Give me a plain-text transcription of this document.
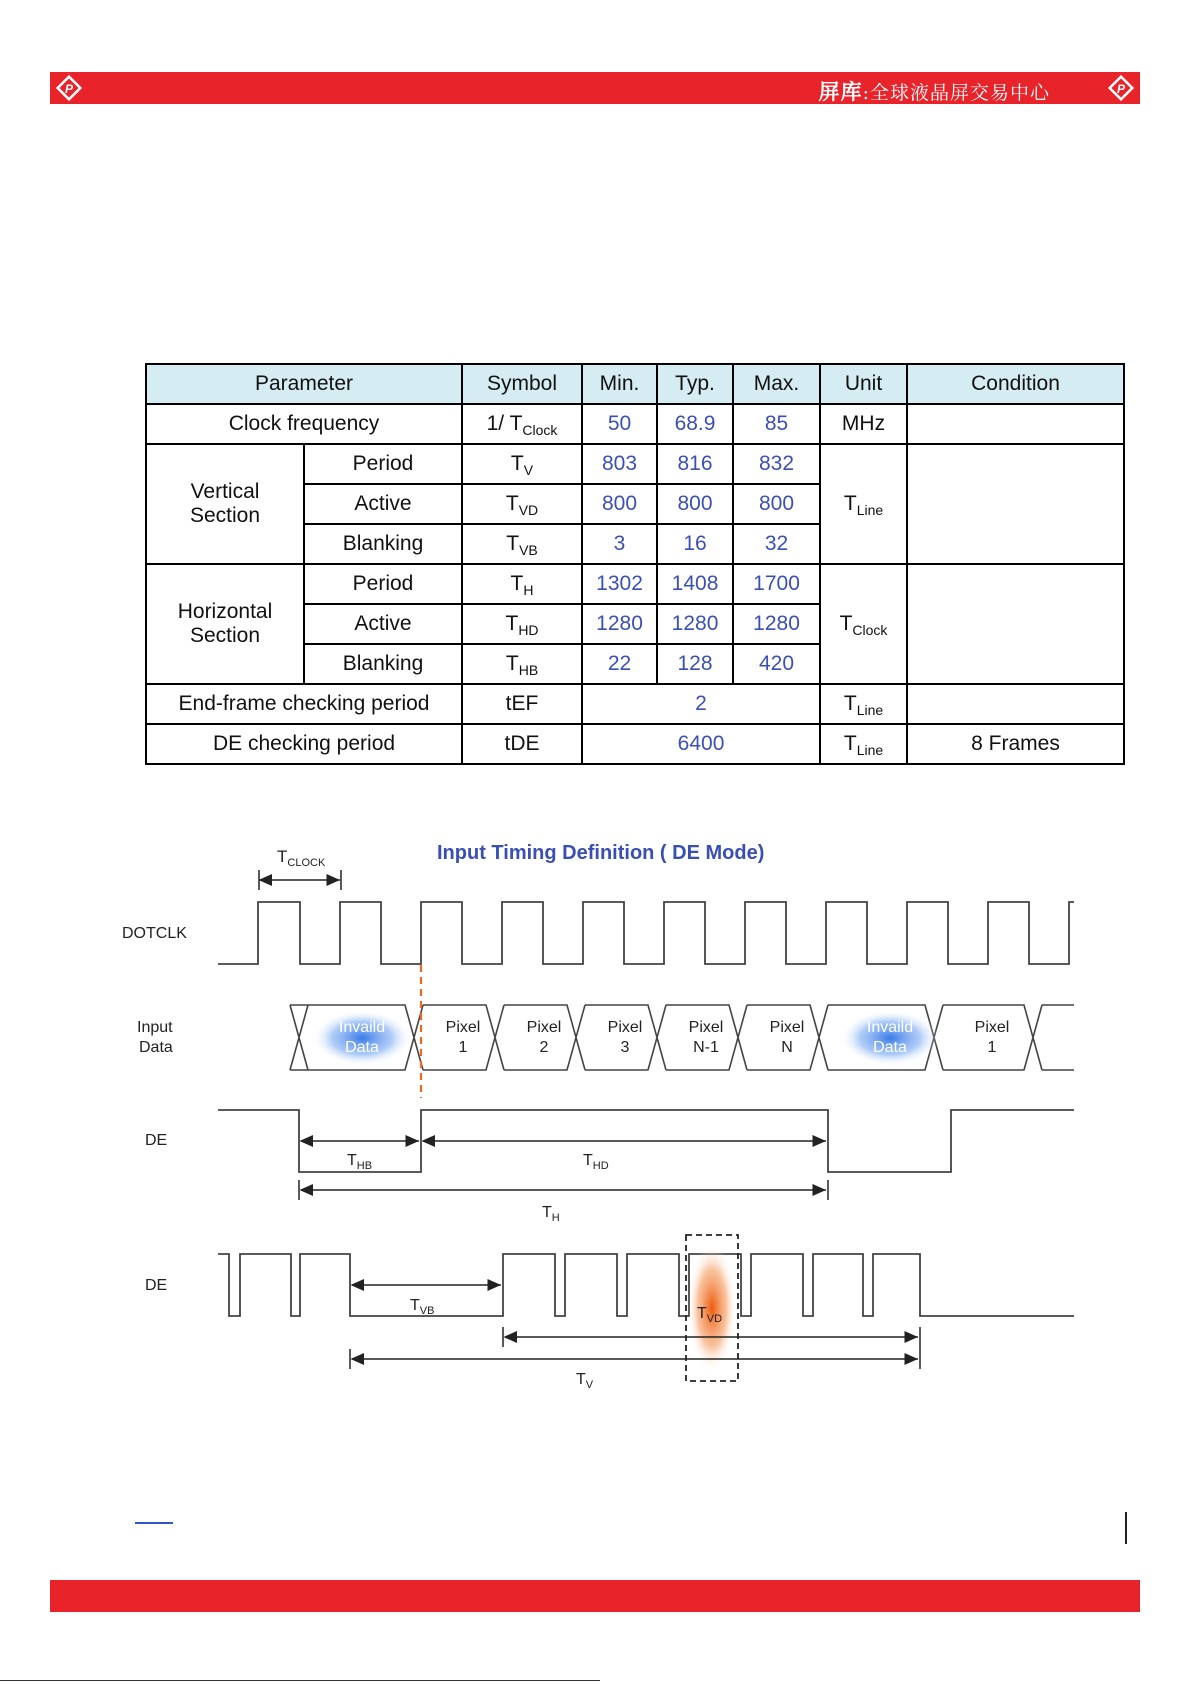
P	屏库:全球液晶屏交易中心	P
Parameter		Symbol	Min.	Typ.	Max.	Unit	Condition
Clock frequency		1/ $T_{Clock}$	50	68.9	85	MHz	
Vertical
Section	Period	$T_V$	803	816	832	$T_{Line}$	
	Active	$T_{VD}$	800	800	800		
	Blanking	$T_{VB}$	3	16	32		
Horizontal
Section	Period	$T_H$	1302	1408	1700	$T_{Clock}$	
	Active	$T_{HD}$	1280	1280	1280		
	Blanking	$T_{HB}$	22	128	420		
End-frame checking period		tEF	2			$T_{Line}$	
DE checking period		tDE	6400			$T_{Line}$	8 Frames
Input Timing Definition ( DE Mode)
$T_{CLOCK}$
DOTCLK
Input
Data
DE
DE
Invaild
Data
Pixel
1
Pixel
2
Pixel
3
Pixel
N-1
Pixel
N
Invaild
Data
Pixel
1
$T_{HB}$	$T_{HD}$
$T_H$
$T_{VD}$
$T_{VB}$
$T_V$
